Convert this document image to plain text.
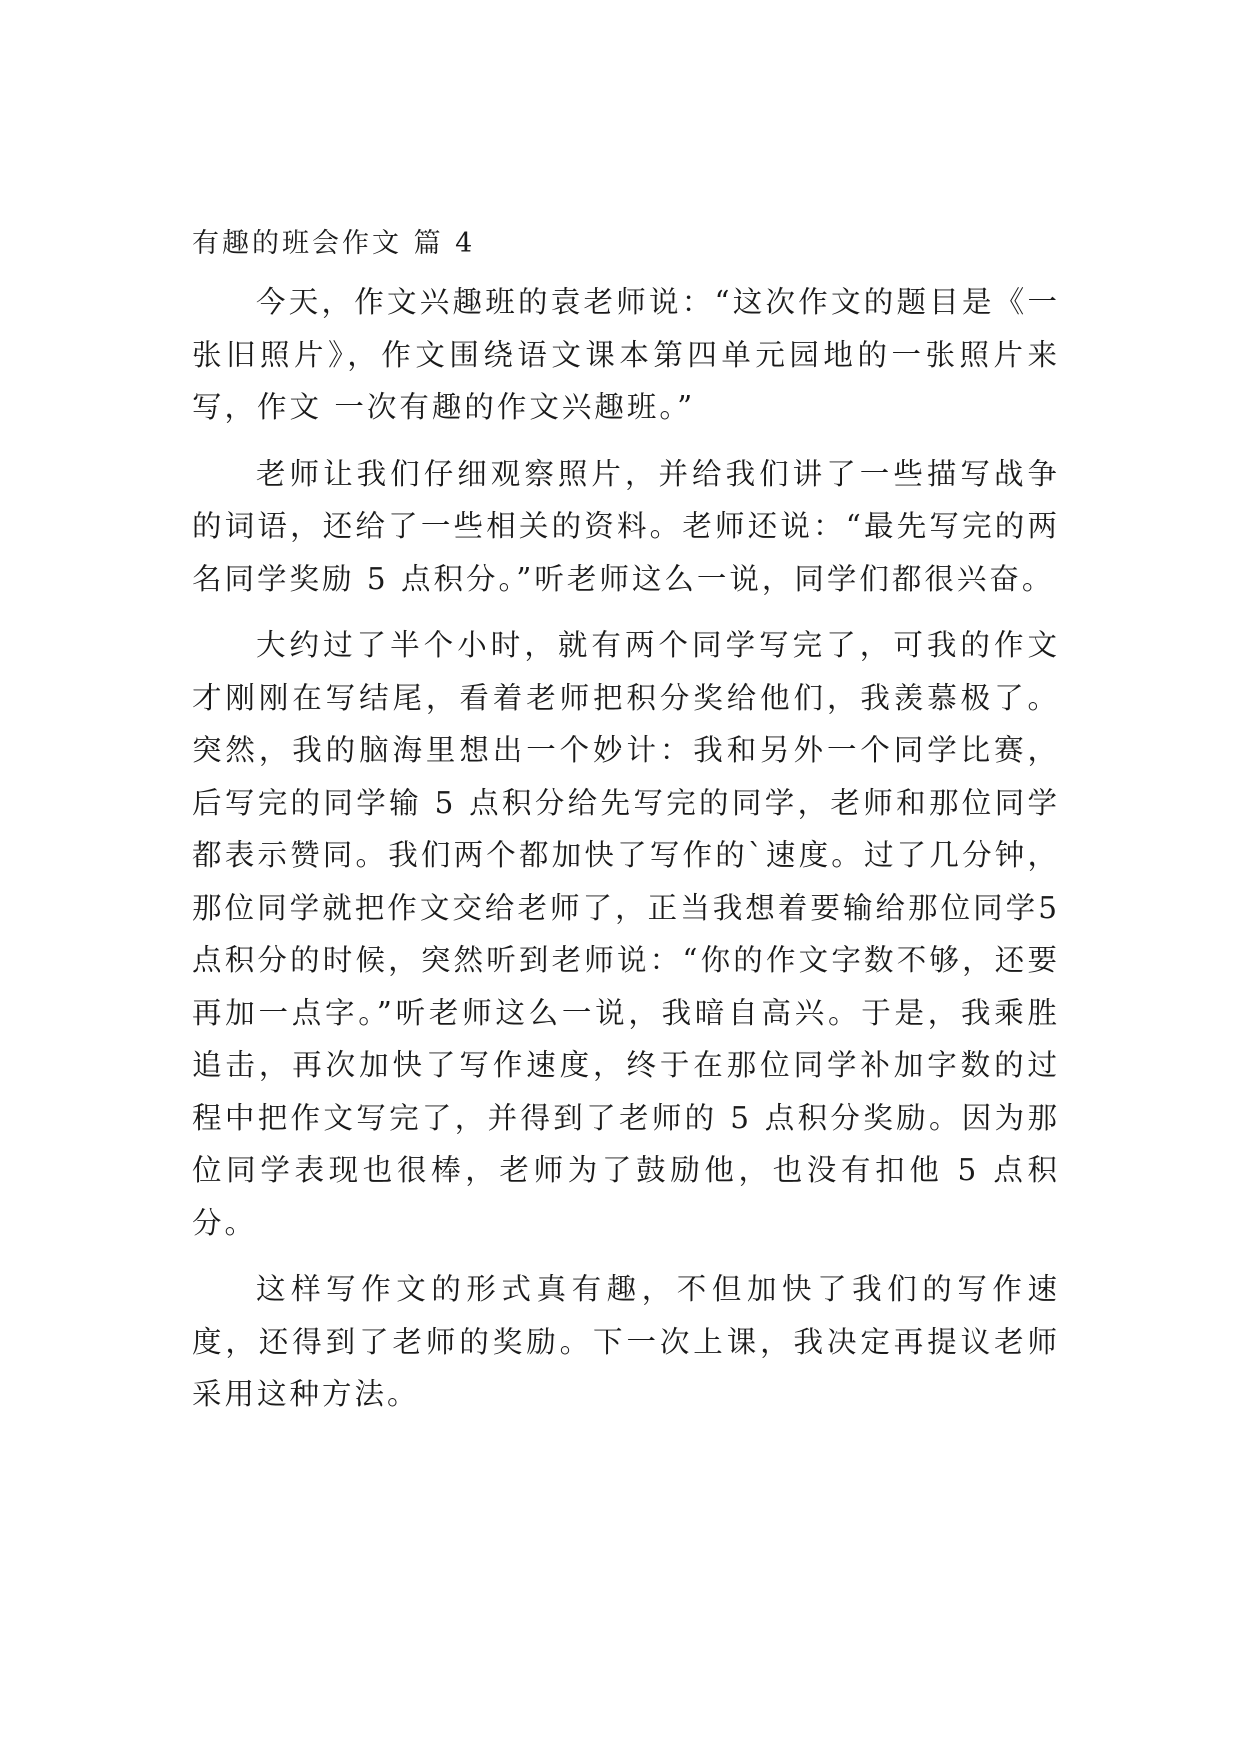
有趣的班会作文 篇 4

今天，作文兴趣班的袁老师说：“这次作文的题目是《一张旧照片》，作文围绕语文课本第四单元园地的一张照片来写，作文 一次有趣的作文兴趣班。”

老师让我们仔细观察照片，并给我们讲了一些描写战争的词语，还给了一些相关的资料。老师还说：“最先写完的两名同学奖励 5 点积分。”听老师这么一说，同学们都很兴奋。

大约过了半个小时，就有两个同学写完了，可我的作文才刚刚在写结尾，看着老师把积分奖给他们，我羡慕极了。突然，我的脑海里想出一个妙计：我和另外一个同学比赛，后写完的同学输 5 点积分给先写完的同学，老师和那位同学都表示赞同。我们两个都加快了写作的`速度。过了几分钟，那位同学就把作文交给老师了，正当我想着要输给那位同学5 点积分的时候，突然听到老师说：“你的作文字数不够，还要再加一点字。”听老师这么一说，我暗自高兴。于是，我乘胜追击，再次加快了写作速度，终于在那位同学补加字数的过程中把作文写完了，并得到了老师的 5 点积分奖励。因为那位同学表现也很棒，老师为了鼓励他，也没有扣他 5 点积分。

这样写作文的形式真有趣，不但加快了我们的写作速度，还得到了老师的奖励。下一次上课，我决定再提议老师采用这种方法。
